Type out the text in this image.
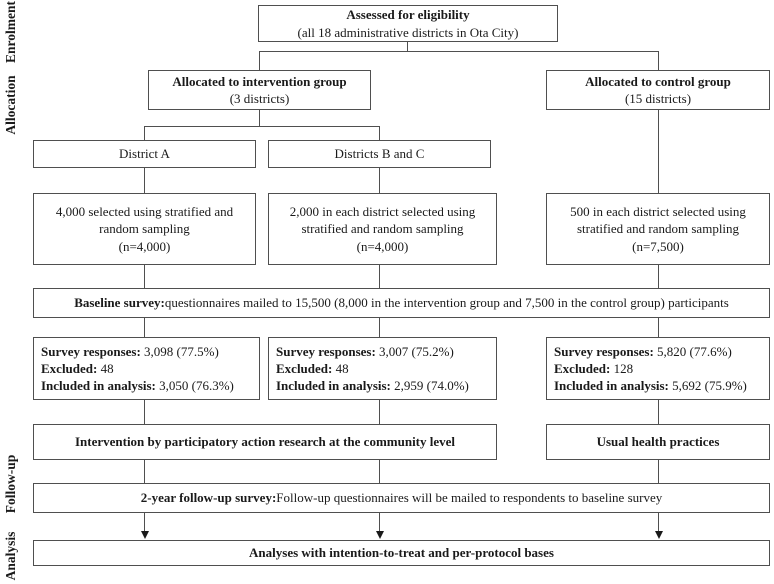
Enrolment
Allocation
Follow-up
Analysis
Assessed for eligibility
(all 18 administrative districts in Ota City)
Allocated to intervention group
(3 districts)
Allocated to control group
(15 districts)
District A	Districts B and C
4,000 selected using stratified and random sampling
(n=4,000)
2,000 in each district selected using stratified and random sampling
(n=4,000)
500 in each district selected using stratified and random sampling
(n=7,500)
Baseline survey: questionnaires mailed to 15,500 (8,000 in the intervention group and 7,500 in the control group) participants
Survey responses: 3,098 (77.5%)
Excluded: 48
Included in analysis: 3,050 (76.3%)
Survey responses: 3,007 (75.2%)
Excluded: 48
Included in analysis: 2,959 (74.0%)
Survey responses: 5,820 (77.6%)
Excluded: 128
Included in analysis: 5,692 (75.9%)
Intervention by participatory action research at the community level	Usual health practices
2-year follow-up survey: Follow-up questionnaires will be mailed to respondents to baseline survey
Analyses with intention-to-treat and per-protocol bases
